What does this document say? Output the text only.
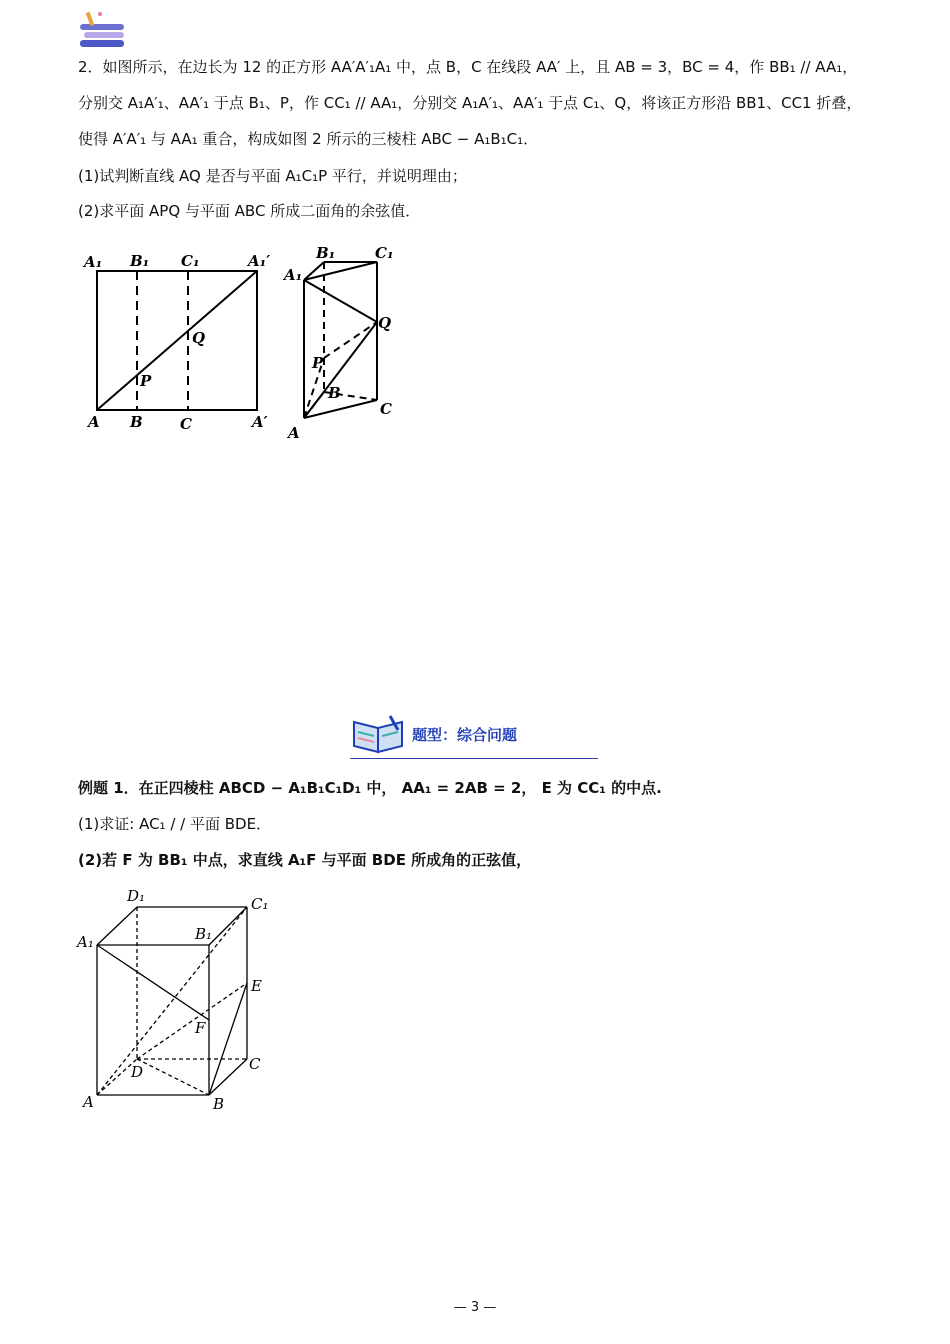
2．如图所示，在边长为 12 的正方形 AA′A′₁A₁ 中，点 B，C 在线段 AA′ 上，且 AB = 3，BC = 4，作 BB₁ // AA₁，
分别交 A₁A′₁、AA′₁ 于点 B₁、P，作 CC₁ // AA₁，分别交 A₁A′₁、AA′₁ 于点 C₁、Q，将该正方形沿 BB1、CC1 折叠，
使得 A′A′₁ 与 AA₁ 重合，构成如图 2 所示的三棱柱 ABC − A₁B₁C₁．
(1)试判断直线 AQ 是否与平面 A₁C₁P 平行，并说明理由；
(2)求平面 APQ 与平面 ABC 所成二面角的余弦值．
A₁ B₁ C₁	A₁′
Q
P
A B C	A′
B₁	C₁
A₁
Q
P
B
C
A
题型：综合问题
例题 1．在正四棱柱 ABCD − A₁B₁C₁D₁ 中， AA₁ = 2AB = 2， E 为 CC₁ 的中点.
(1)求证: AC₁ / / 平面 BDE．
(2)若 F 为 BB₁ 中点，求直线 A₁F 与平面 BDE 所成角的正弦值，
D₁	C₁
A₁	B₁
E
F
D	C
A	B
— 3 —
